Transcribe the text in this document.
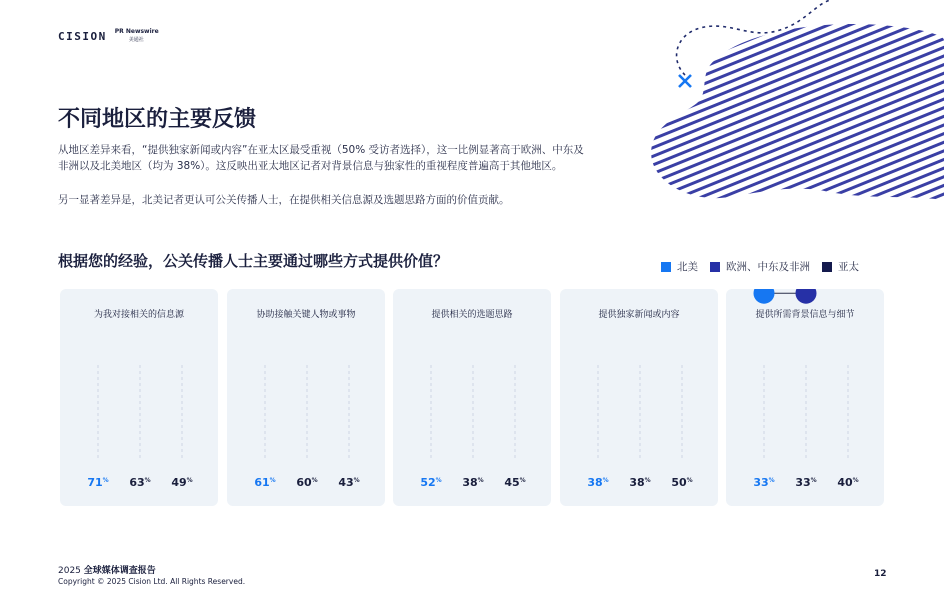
CISION PR Newswire
美通社
不同地区的主要反馈
从地区差异来看，“提供独家新闻或内容”在亚太区最受重视（50% 受访者选择），这一比例显著高于欧洲、中东及
非洲以及北美地区（均为 38%）。这反映出亚太地区记者对背景信息与独家性的重视程度普遍高于其他地区。

另一显著差异是，北美记者更认可公关传播人士，在提供相关信息源及选题思路方面的价值贡献。

根据您的经验，公关传播人士主要通过哪些方式提供价值？	北美	欧洲、中东及非洲	亚太
为我对接相关的信息源
71% 63% 49%
协助接触关键人物或事物
61% 60% 43%
提供相关的选题思路
52% 38% 45%
提供独家新闻或内容
38% 38% 50%
提供所需背景信息与细节
33% 33% 40%
2025 全球媒体调查报告
Copyright © 2025 Cision Ltd. All Rights Reserved.
12
